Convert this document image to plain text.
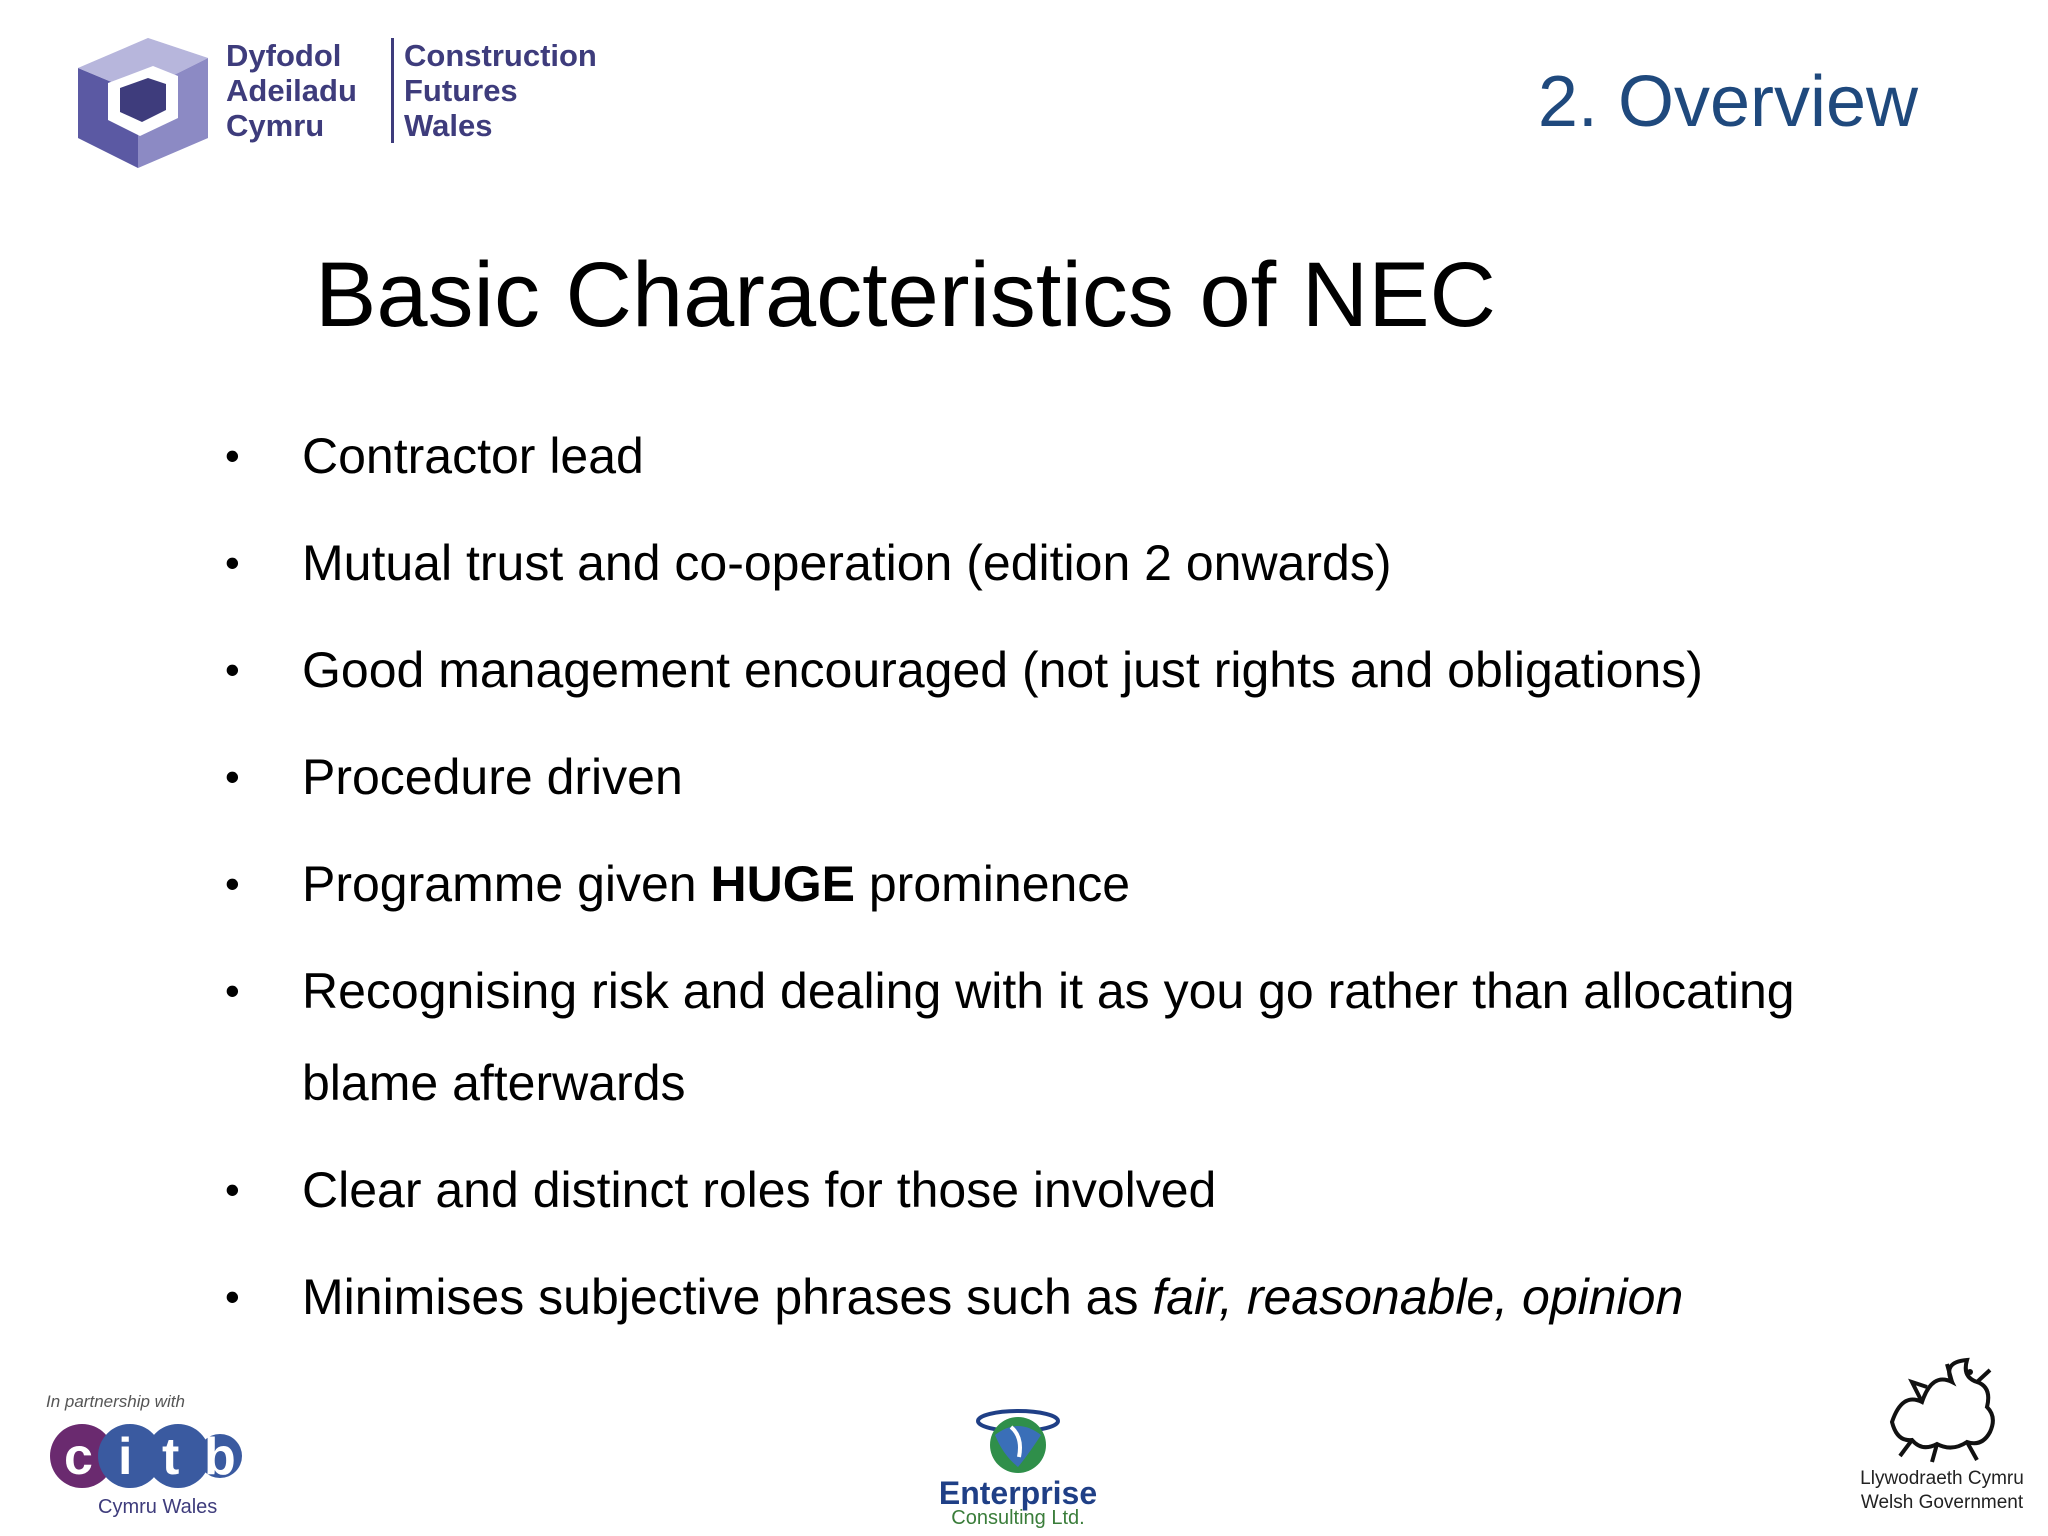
Dyfodol
Adeiladu
Cymru
Construction
Futures
Wales	2. Overview
Basic Characteristics of NEC
• Contractor lead
• Mutual trust and co-operation (edition 2 onwards)
• Good management encouraged (not just rights and obligations)
• Procedure driven
• Programme given HUGE prominence
• Recognising risk and dealing with it as you go rather than allocating blame afterwards
• Clear and distinct roles for those involved
• Minimises subjective phrases such as fair, reasonable, opinion
In partnership with
c i t b
Cymru Wales	Enterprise
Consulting Ltd.
Llywodraeth Cymru
Welsh Government
